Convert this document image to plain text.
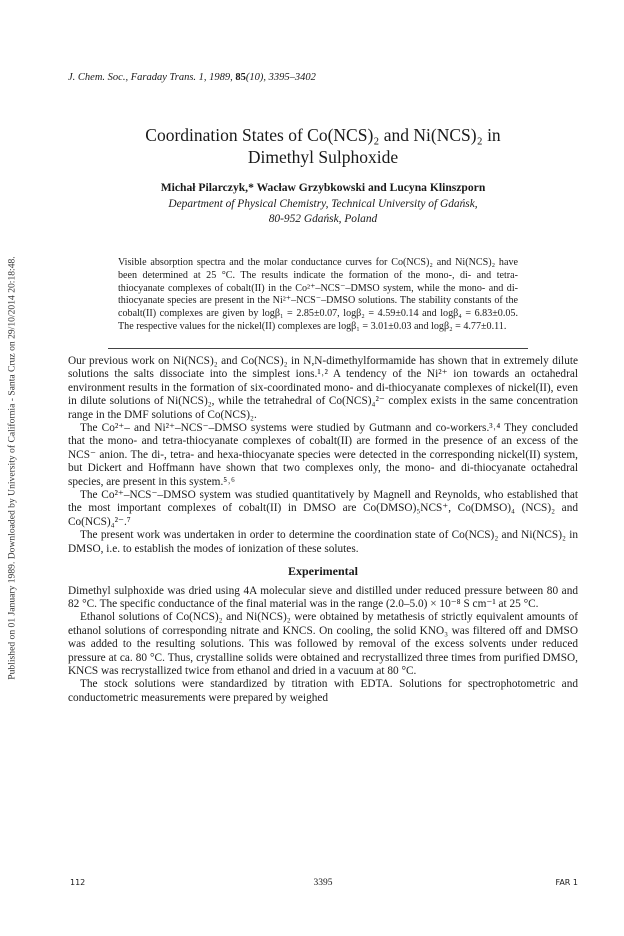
Published on 01 January 1989. Downloaded by University of California - Santa Cruz on 29/10/2014 20:18:48.
J. Chem. Soc., Faraday Trans. 1, 1989, 85(10), 3395–3402
Coordination States of Co(NCS)₂ and Ni(NCS)₂ in
Dimethyl Sulphoxide
Michał Pilarczyk,* Wacław Grzybkowski and Lucyna Klinszporn
Department of Physical Chemistry, Technical University of Gdańsk,
80-952 Gdańsk, Poland
Visible absorption spectra and the molar conductance curves for Co(NCS)₂ and Ni(NCS)₂ have been determined at 25 °C. The results indicate the formation of the mono-, di- and tetra-thiocyanate complexes of cobalt(II) in the Co²⁺–NCS⁻–DMSO system, while the mono- and di-thiocyanate species are present in the Ni²⁺–NCS⁻–DMSO solutions. The stability constants of the cobalt(II) complexes are given by logβ₁ = 2.85±0.07, logβ₂ = 4.59±0.14 and logβ₄ = 6.83±0.05. The respective values for the nickel(II) complexes are logβ₁ = 3.01±0.03 and logβ₂ = 4.77±0.11.

Our previous work on Ni(NCS)₂ and Co(NCS)₂ in N,N-dimethylformamide has shown that in extremely dilute solutions the salts dissociate into the simplest ions.¹˒² A tendency of the Ni²⁺ ion towards an octahedral environment results in the formation of six-coordinated mono- and di-thiocyanate complexes of nickel(II), even in dilute solutions of Ni(NCS)₂, while the tetrahedral of Co(NCS)₄²⁻ complex exists in the same concentration range in the DMF solutions of Co(NCS)₂.

The Co²⁺– and Ni²⁺–NCS⁻–DMSO systems were studied by Gutmann and co-workers.³˒⁴ They concluded that the mono- and tetra-thiocyanate complexes of cobalt(II) are formed in the presence of an excess of the NCS⁻ anion. The di-, tetra- and hexa-thiocyanate species were detected in the corresponding nickel(II) system, but Dickert and Hoffmann have shown that two complexes only, the mono- and di-thiocyanate octahedral species, are present in this system.⁵˒⁶

The Co²⁺–NCS⁻–DMSO system was studied quantitatively by Magnell and Reynolds, who established that the most important complexes of cobalt(II) in DMSO are Co(DMSO)₅NCS⁺, Co(DMSO)₄ (NCS)₂ and Co(NCS)₄²⁻.⁷

The present work was undertaken in order to determine the coordination state of Co(NCS)₂ and Ni(NCS)₂ in DMSO, i.e. to establish the modes of ionization of these solutes.

Experimental

Dimethyl sulphoxide was dried using 4A molecular sieve and distilled under reduced pressure between 80 and 82 °C. The specific conductance of the final material was in the range (2.0–5.0) × 10⁻⁸ S cm⁻¹ at 25 °C.

Ethanol solutions of Co(NCS)₂ and Ni(NCS)₂ were obtained by metathesis of strictly equivalent amounts of ethanol solutions of corresponding nitrate and KNCS. On cooling, the solid KNO₃ was filtered off and DMSO was added to the resulting solutions. This was followed by removal of the excess solvents under reduced pressure at ca. 80 °C. Thus, crystalline solids were obtained and recrystallized three times from purified DMSO, KNCS was recrystallized twice from ethanol and dried in a vacuum at 80 °C.

The stock solutions were standardized by titration with EDTA. Solutions for spectrophotometric and conductometric measurements were prepared by weighed

112	3395	FAR 1
